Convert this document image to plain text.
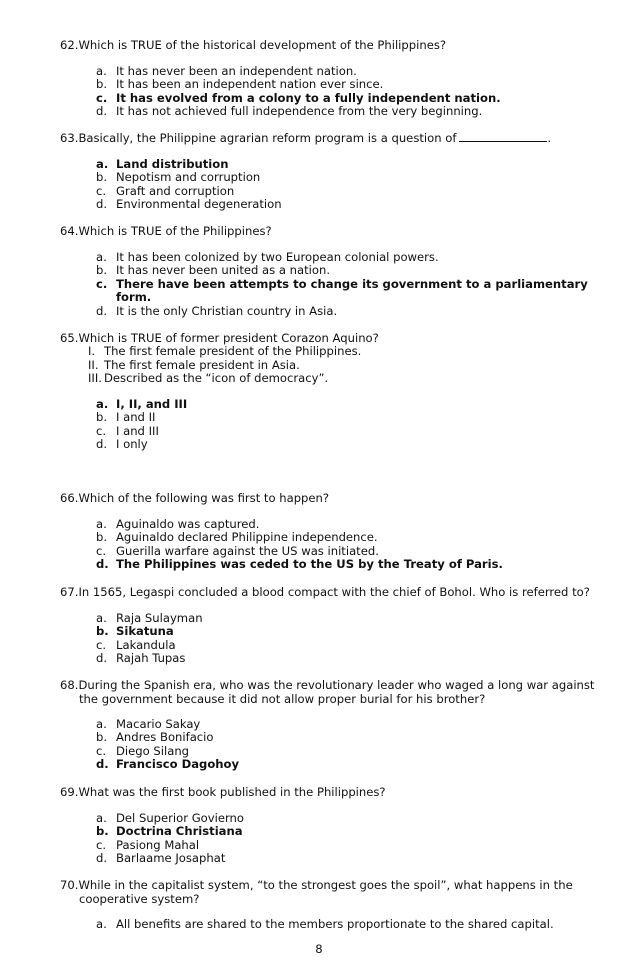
62.Which is TRUE of the historical development of the Philippines?
a. It has never been an independent nation.
b. It has been an independent nation ever since.
c. It has evolved from a colony to a fully independent nation.
d. It has not achieved full independence from the very beginning.
63.Basically, the Philippine agrarian reform program is a question of	.
a. Land distribution
b. Nepotism and corruption
c. Graft and corruption
d. Environmental degeneration
64.Which is TRUE of the Philippines?
a. It has been colonized by two European colonial powers.
b. It has never been united as a nation.
c. There have been attempts to change its government to a parliamentary form.
d. It is the only Christian country in Asia.
65.Which is TRUE of former president Corazon Aquino?
I. The first female president of the Philippines.
II. The first female president in Asia.
III. Described as the “icon of democracy”.
a. I, II, and III
b. I and II
c. I and III
d. I only
66.Which of the following was first to happen?
a. Aguinaldo was captured.
b. Aguinaldo declared Philippine independence.
c. Guerilla warfare against the US was initiated.
d. The Philippines was ceded to the US by the Treaty of Paris.
67.In 1565, Legaspi concluded a blood compact with the chief of Bohol. Who is referred to?
a. Raja Sulayman
b. Sikatuna
c. Lakandula
d. Rajah Tupas
68.During the Spanish era, who was the revolutionary leader who waged a long war against
the government because it did not allow proper burial for his brother?
a. Macario Sakay
b. Andres Bonifacio
c. Diego Silang
d. Francisco Dagohoy
69.What was the first book published in the Philippines?
a. Del Superior Govierno
b. Doctrina Christiana
c. Pasiong Mahal
d. Barlaame Josaphat
70.While in the capitalist system, “to the strongest goes the spoil”, what happens in the
cooperative system?
a. All benefits are shared to the members proportionate to the shared capital.
8
